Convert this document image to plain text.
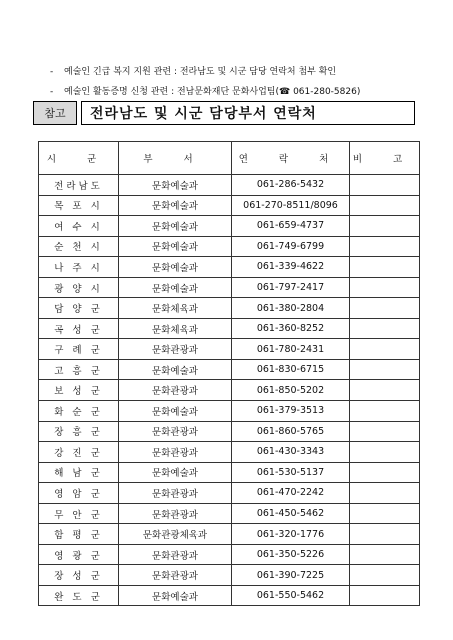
- 예술인 긴급 복지 지원 관련 : 전라남도 및 시군 담당 연락처 첨부 확인
- 예술인 활동증명 신청 관련 : 전남문화재단 문화사업팀(☎ 061-280-5826)
참고	전라남도 및 시군 담당부서 연락처
시 군	부 서	연 락 처	비 고
전라남도	문화예술과	061-286-5432	
목 포 시	문화예술과	061-270-8511/8096	
여 수 시	문화예술과	061-659-4737	
순 천 시	문화예술과	061-749-6799	
나 주 시	문화예술과	061-339-4622	
광 양 시	문화예술과	061-797-2417	
담 양 군	문화체육과	061-380-2804	
곡 성 군	문화체육과	061-360-8252	
구 례 군	문화관광과	061-780-2431	
고 흥 군	문화예술과	061-830-6715	
보 성 군	문화관광과	061-850-5202	
화 순 군	문화예술과	061-379-3513	
장 흥 군	문화관광과	061-860-5765	
강 진 군	문화관광과	061-430-3343	
해 남 군	문화예술과	061-530-5137	
영 암 군	문화관광과	061-470-2242	
무 안 군	문화관광과	061-450-5462	
함 평 군	문화관광체육과	061-320-1776	
영 광 군	문화관광과	061-350-5226	
장 성 군	문화관광과	061-390-7225	
완 도 군	문화예술과	061-550-5462	
